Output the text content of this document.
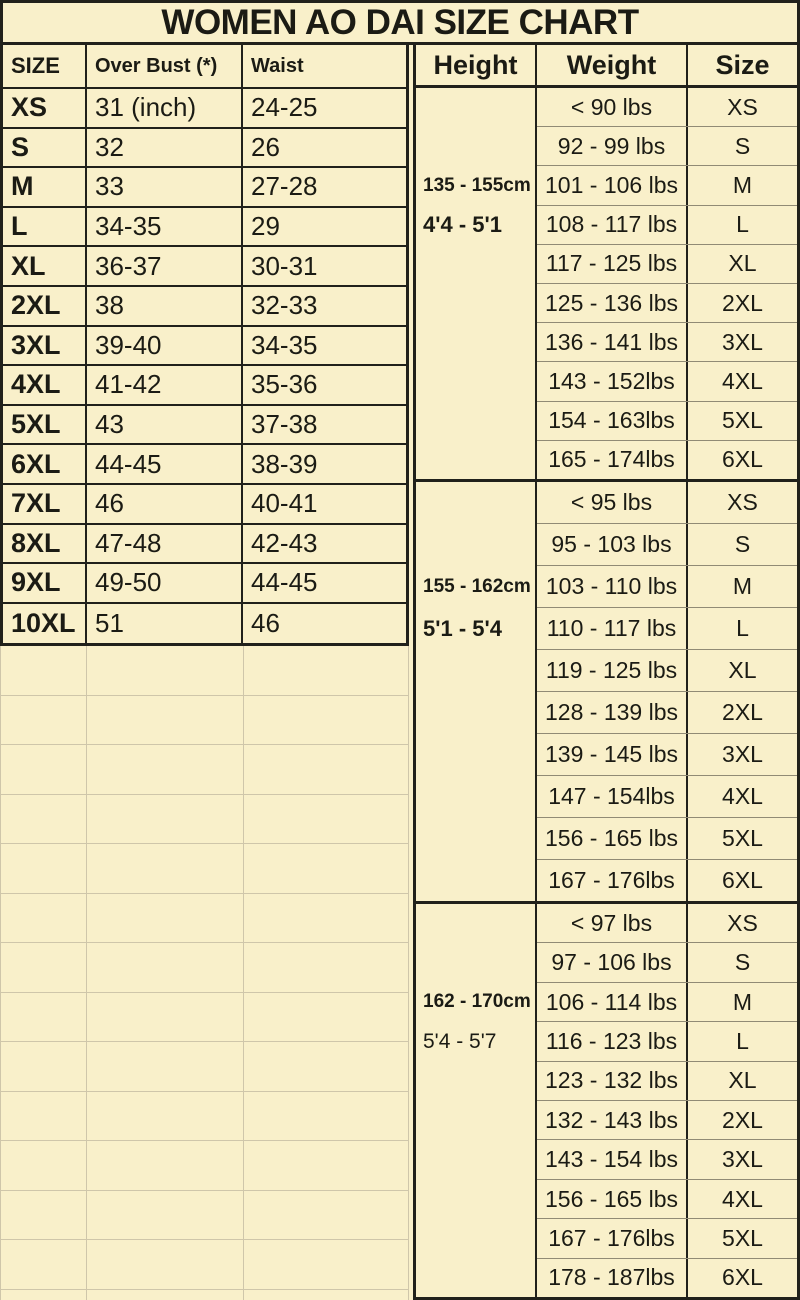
WOMEN AO DAI SIZE CHART
SIZE	Over Bust (*)	Waist
XS	31 (inch)	24-25
S	32	26
M	33	27-28
L	34-35	29
XL	36-37	30-31
2XL	38	32-33
3XL	39-40	34-35
4XL	41-42	35-36
5XL	43	37-38
6XL	44-45	38-39
7XL	46	40-41
8XL	47-48	42-43
9XL	49-50	44-45
10XL 51	46
Height	Weight	Size
135 - 155cm
4'4 - 5'1
< 90 lbs	XS
92 - 99 lbs	S
101 - 106 lbs	M
108 - 117 lbs	L
117 - 125 lbs	XL
125 - 136 lbs	2XL
136 - 141 lbs	3XL
143 - 152lbs	4XL
154 - 163lbs	5XL
165 - 174lbs	6XL
155 - 162cm
5'1 - 5'4
< 95 lbs	XS
95 - 103 lbs	S
103 - 110 lbs	M
110 - 117 lbs	L
119 - 125 lbs	XL
128 - 139 lbs	2XL
139 - 145 lbs	3XL
147 - 154lbs	4XL
156 - 165 lbs	5XL
167 - 176lbs	6XL
162 - 170cm
5'4 - 5'7
< 97 lbs	XS
97 - 106 lbs	S
106 - 114 lbs	M
116 - 123 lbs	L
123 - 132 lbs	XL
132 - 143 lbs	2XL
143 - 154 lbs	3XL
156 - 165 lbs	4XL
167 - 176lbs	5XL
178 - 187lbs	6XL
